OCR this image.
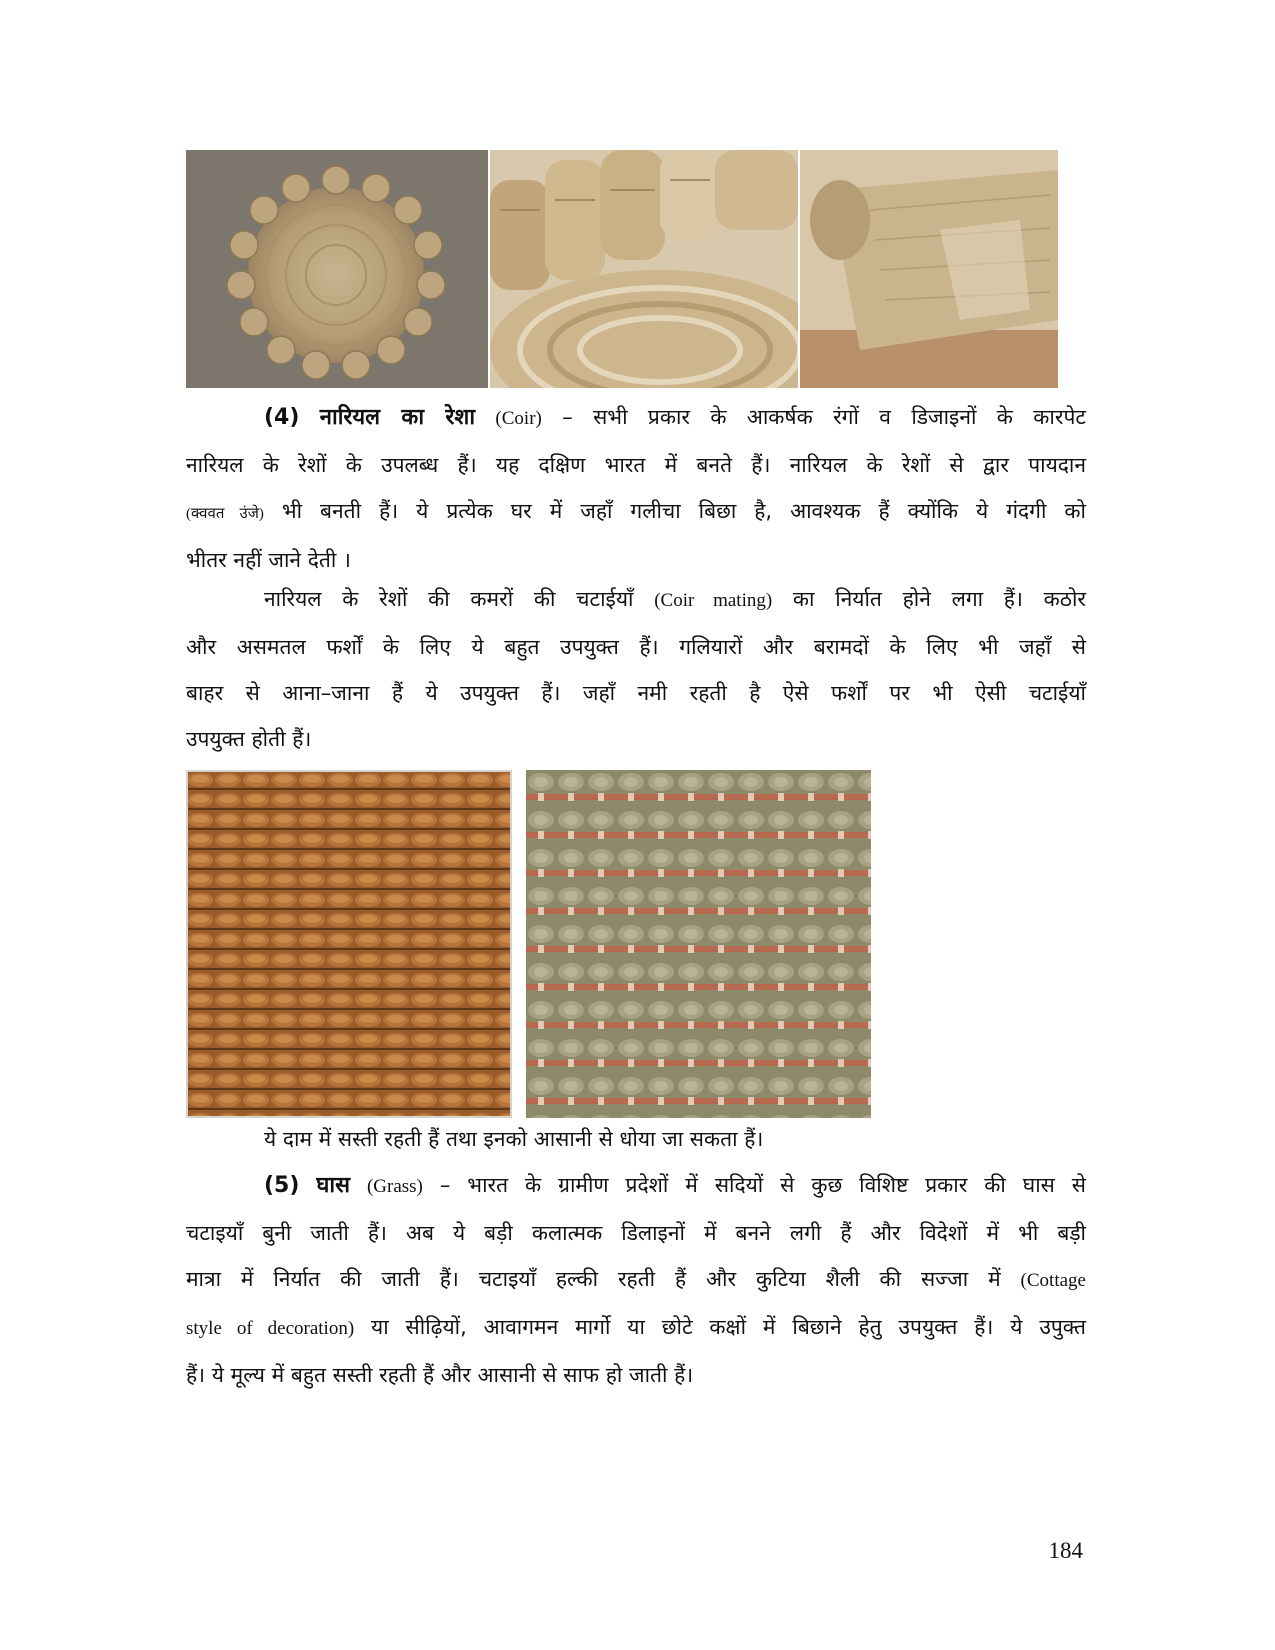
(4) नारियल का रेशा (Coir) – सभी प्रकार के आकर्षक रंगों व डिजाइनों के कारपेट
नारियल के रेशों के उपलब्ध हैं। यह दक्षिण भारत में बनते हैं। नारियल के रेशों से द्वार पायदान
(क्ववत उंजे) भी बनती हैं। ये प्रत्येक घर में जहाँ गलीचा बिछा है, आवश्यक हैं क्योंकि ये गंदगी को
भीतर नहीं जाने देती ।
नारियल के रेशों की कमरों की चटाईयाँ (Coir mating) का निर्यात होने लगा हैं। कठोर
और असमतल फर्शों के लिए ये बहुत उपयुक्त हैं। गलियारों और बरामदों के लिए भी जहाँ से
बाहर से आना–जाना हैं ये उपयुक्त हैं। जहाँ नमी रहती है ऐसे फर्शों पर भी ऐसी चटाईयाँ
उपयुक्त होती हैं।
ये दाम में सस्ती रहती हैं तथा इनको आसानी से धोया जा सकता हैं।
(5) घास (Grass) – भारत के ग्रामीण प्रदेशों में सदियों से कुछ विशिष्ट प्रकार की घास से
चटाइयाँ बुनी जाती हैं। अब ये बड़ी कलात्मक डिलाइनों में बनने लगी हैं और विदेशों में भी बड़ी
मात्रा में निर्यात की जाती हैं। चटाइयाँ हल्की रहती हैं और कुटिया शैली की सज्जा में (Cottage
style of decoration) या सीढ़ियों, आवागमन मार्गो या छोटे कक्षों में बिछाने हेतु उपयुक्त हैं। ये उपुक्त
हैं। ये मूल्य में बहुत सस्ती रहती हैं और आसानी से साफ हो जाती हैं।
184
